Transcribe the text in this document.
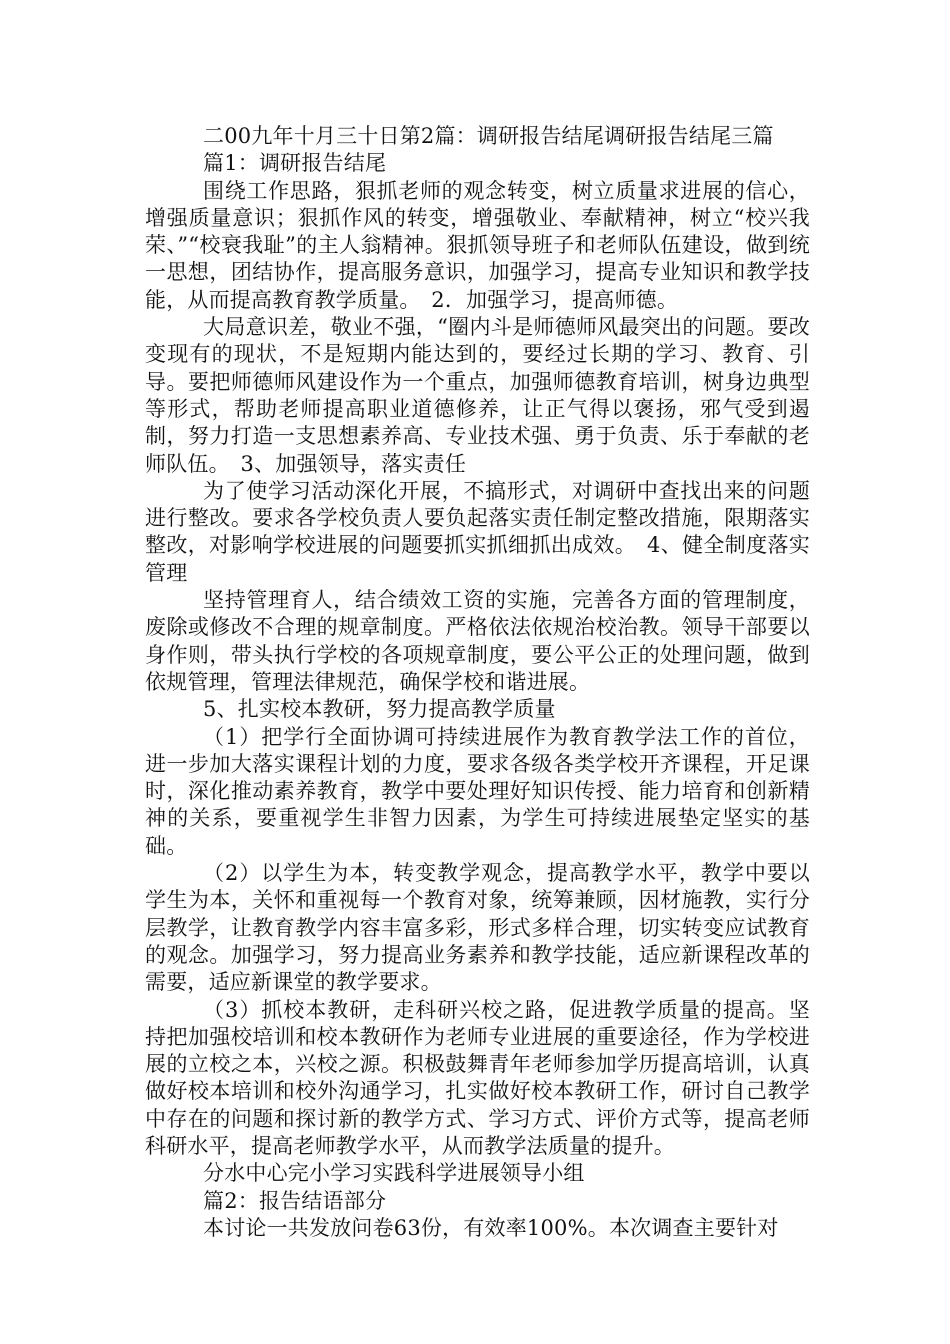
二00九年十月三十日第2篇：调研报告结尾调研报告结尾三篇

篇1：调研报告结尾

围绕工作思路，狠抓老师的观念转变，树立质量求进展的信心，增强质量意识；狠抓作风的转变，增强敬业、奉献精神，树立“校兴我荣、”“校衰我耻”的主人翁精神。狠抓领导班子和老师队伍建设，做到统一思想，团结协作，提高服务意识，加强学习，提高专业知识和教学技能，从而提高教育教学质量。　2．加强学习，提高师德。

大局意识差，敬业不强，“圈内斗是师德师风最突出的问题。要改变现有的现状，不是短期内能达到的，要经过长期的学习、教育、引导。要把师德师风建设作为一个重点，加强师德教育培训，树身边典型等形式，帮助老师提高职业道德修养，让正气得以褒扬，邪气受到遏制，努力打造一支思想素养高、专业技术强、勇于负责、乐于奉献的老师队伍。　3、加强领导，落实责任

为了使学习活动深化开展，不搞形式，对调研中查找出来的问题进行整改。要求各学校负责人要负起落实责任制定整改措施，限期落实整改，对影响学校进展的问题要抓实抓细抓出成效。　4、健全制度落实管理

坚持管理育人，结合绩效工资的实施，完善各方面的管理制度，废除或修改不合理的规章制度。严格依法依规治校治教。领导干部要以身作则，带头执行学校的各项规章制度，要公平公正的处理问题，做到依规管理，管理法律规范，确保学校和谐进展。

5、扎实校本教研，努力提高教学质量

（1）把学行全面协调可持续进展作为教育教学法工作的首位，进一步加大落实课程计划的力度，要求各级各类学校开齐课程，开足课时，深化推动素养教育，教学中要处理好知识传授、能力培育和创新精神的关系，要重视学生非智力因素，为学生可持续进展垫定坚实的基础。

（2）以学生为本，转变教学观念，提高教学水平，教学中要以学生为本，关怀和重视每一个教育对象，统筹兼顾，因材施教，实行分层教学，让教育教学内容丰富多彩，形式多样合理，切实转变应试教育的观念。加强学习，努力提高业务素养和教学技能，适应新课程改革的需要，适应新课堂的教学要求。

（3）抓校本教研，走科研兴校之路，促进教学质量的提高。坚持把加强校培训和校本教研作为老师专业进展的重要途径，作为学校进展的立校之本，兴校之源。积极鼓舞青年老师参加学历提高培训，认真做好校本培训和校外沟通学习，扎实做好校本教研工作，研讨自己教学中存在的问题和探讨新的教学方式、学习方式、评价方式等，提高老师科研水平，提高老师教学水平，从而教学法质量的提升。

分水中心完小学习实践科学进展领导小组

篇2：报告结语部分

本讨论一共发放问卷63份，有效率100%。本次调查主要针对
